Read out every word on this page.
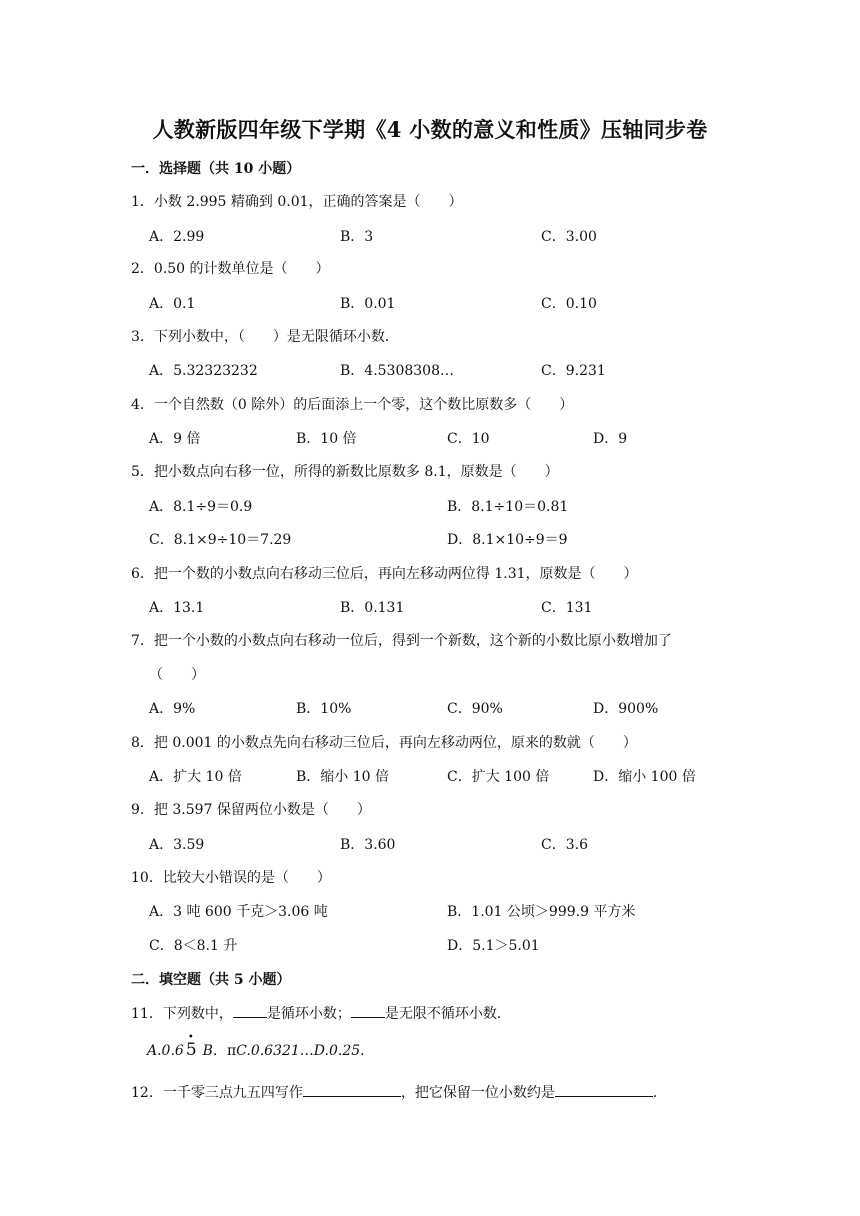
人教新版四年级下学期《4 小数的意义和性质》压轴同步卷
一．选择题（共 10 小题）
1．小数 2.995 精确到 0.01，正确的答案是（　　）
A．2.99	B．3	C．3.00
2．0.50 的计数单位是（　　）
A．0.1	B．0.01	C．0.10
3．下列小数中，（　　）是无限循环小数．
A．5.32323232	B．4.5308308…	C．9.231
4．一个自然数（0 除外）的后面添上一个零，这个数比原数多（　　）
A．9 倍	B．10 倍	C．10	D．9
5．把小数点向右移一位，所得的新数比原数多 8.1，原数是（　　）
A．8.1÷9＝0.9	B．8.1÷10＝0.81
C．8.1×9÷10＝7.29	D．8.1×10÷9＝9
6．把一个数的小数点向右移动三位后，再向左移动两位得 1.31，原数是（　　）
A．13.1	B．0.131	C．131
7．把一个小数的小数点向右移动一位后，得到一个新数，这个新的小数比原小数增加了
（　　）
A．9%	B．10%	C．90%	D．900%
8．把 0.001 的小数点先向右移动三位后，再向左移动两位，原来的数就（　　）
A．扩大 10 倍	B．缩小 10 倍	C．扩大 100 倍	D．缩小 100 倍
9．把 3.597 保留两位小数是（　　）
A．3.59	B．3.60	C．3.6
10．比较大小错误的是（　　）
A．3 吨 600 千克＞3.06 吨	B．1.01 公顷＞999.9 平方米
C．8＜8.1 升	D．5.1＞5.01
二．填空题（共 5 小题）
11．下列数中， 是循环小数； 是无限不循环小数．
A.0.6
•
5 B．πC.0.6321…D.0.25．
12．一千零三点九五四写作	，把它保留一位小数约是	．
